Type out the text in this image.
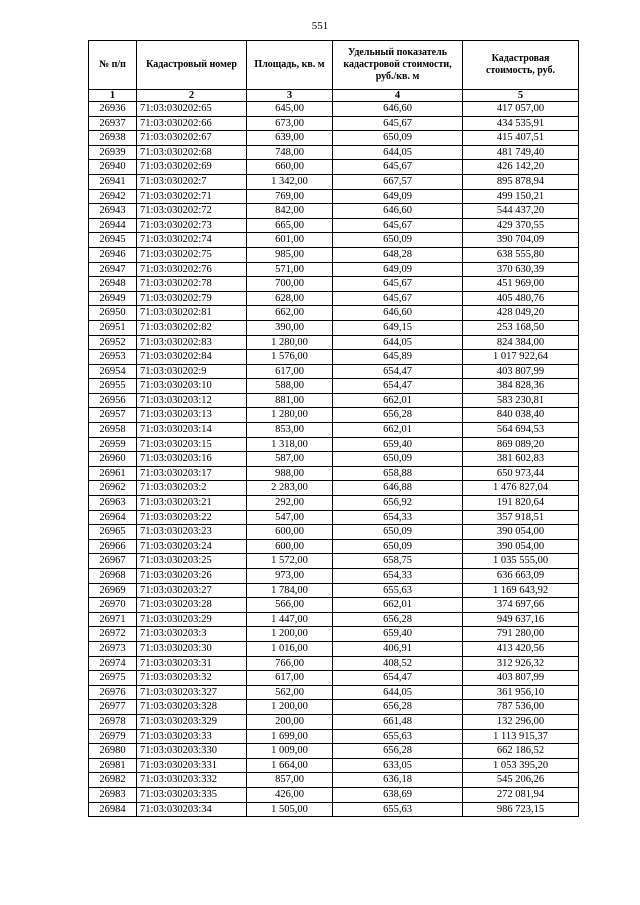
551
№ п/п	Кадастровый номер	Площадь, кв. м	Удельный показатель кадастровой стоимости, руб./кв. м	Кадастровая стоимость, руб.
1	2	3	4	5
26936	71:03:030202:65	645,00	646,60	417 057,00
26937	71:03:030202:66	673,00	645,67	434 535,91
26938	71:03:030202:67	639,00	650,09	415 407,51
26939	71:03:030202:68	748,00	644,05	481 749,40
26940	71:03:030202:69	660,00	645,67	426 142,20
26941	71:03:030202:7	1 342,00	667,57	895 878,94
26942	71:03:030202:71	769,00	649,09	499 150,21
26943	71:03:030202:72	842,00	646,60	544 437,20
26944	71:03:030202:73	665,00	645,67	429 370,55
26945	71:03:030202:74	601,00	650,09	390 704,09
26946	71:03:030202:75	985,00	648,28	638 555,80
26947	71:03:030202:76	571,00	649,09	370 630,39
26948	71:03:030202:78	700,00	645,67	451 969,00
26949	71:03:030202:79	628,00	645,67	405 480,76
26950	71:03:030202:81	662,00	646,60	428 049,20
26951	71:03:030202:82	390,00	649,15	253 168,50
26952	71:03:030202:83	1 280,00	644,05	824 384,00
26953	71:03:030202:84	1 576,00	645,89	1 017 922,64
26954	71:03:030202:9	617,00	654,47	403 807,99
26955	71:03:030203:10	588,00	654,47	384 828,36
26956	71:03:030203:12	881,00	662,01	583 230,81
26957	71:03:030203:13	1 280,00	656,28	840 038,40
26958	71:03:030203:14	853,00	662,01	564 694,53
26959	71:03:030203:15	1 318,00	659,40	869 089,20
26960	71:03:030203:16	587,00	650,09	381 602,83
26961	71:03:030203:17	988,00	658,88	650 973,44
26962	71:03:030203:2	2 283,00	646,88	1 476 827,04
26963	71:03:030203:21	292,00	656,92	191 820,64
26964	71:03:030203:22	547,00	654,33	357 918,51
26965	71:03:030203:23	600,00	650,09	390 054,00
26966	71:03:030203:24	600,00	650,09	390 054,00
26967	71:03:030203:25	1 572,00	658,75	1 035 555,00
26968	71:03:030203:26	973,00	654,33	636 663,09
26969	71:03:030203:27	1 784,00	655,63	1 169 643,92
26970	71:03:030203:28	566,00	662,01	374 697,66
26971	71:03:030203:29	1 447,00	656,28	949 637,16
26972	71:03:030203:3	1 200,00	659,40	791 280,00
26973	71:03:030203:30	1 016,00	406,91	413 420,56
26974	71:03:030203:31	766,00	408,52	312 926,32
26975	71:03:030203:32	617,00	654,47	403 807,99
26976	71:03:030203:327	562,00	644,05	361 956,10
26977	71:03:030203:328	1 200,00	656,28	787 536,00
26978	71:03:030203:329	200,00	661,48	132 296,00
26979	71:03:030203:33	1 699,00	655,63	1 113 915,37
26980	71:03:030203:330	1 009,00	656,28	662 186,52
26981	71:03:030203:331	1 664,00	633,05	1 053 395,20
26982	71:03:030203:332	857,00	636,18	545 206,26
26983	71:03:030203:335	426,00	638,69	272 081,94
26984	71:03:030203:34	1 505,00	655,63	986 723,15
